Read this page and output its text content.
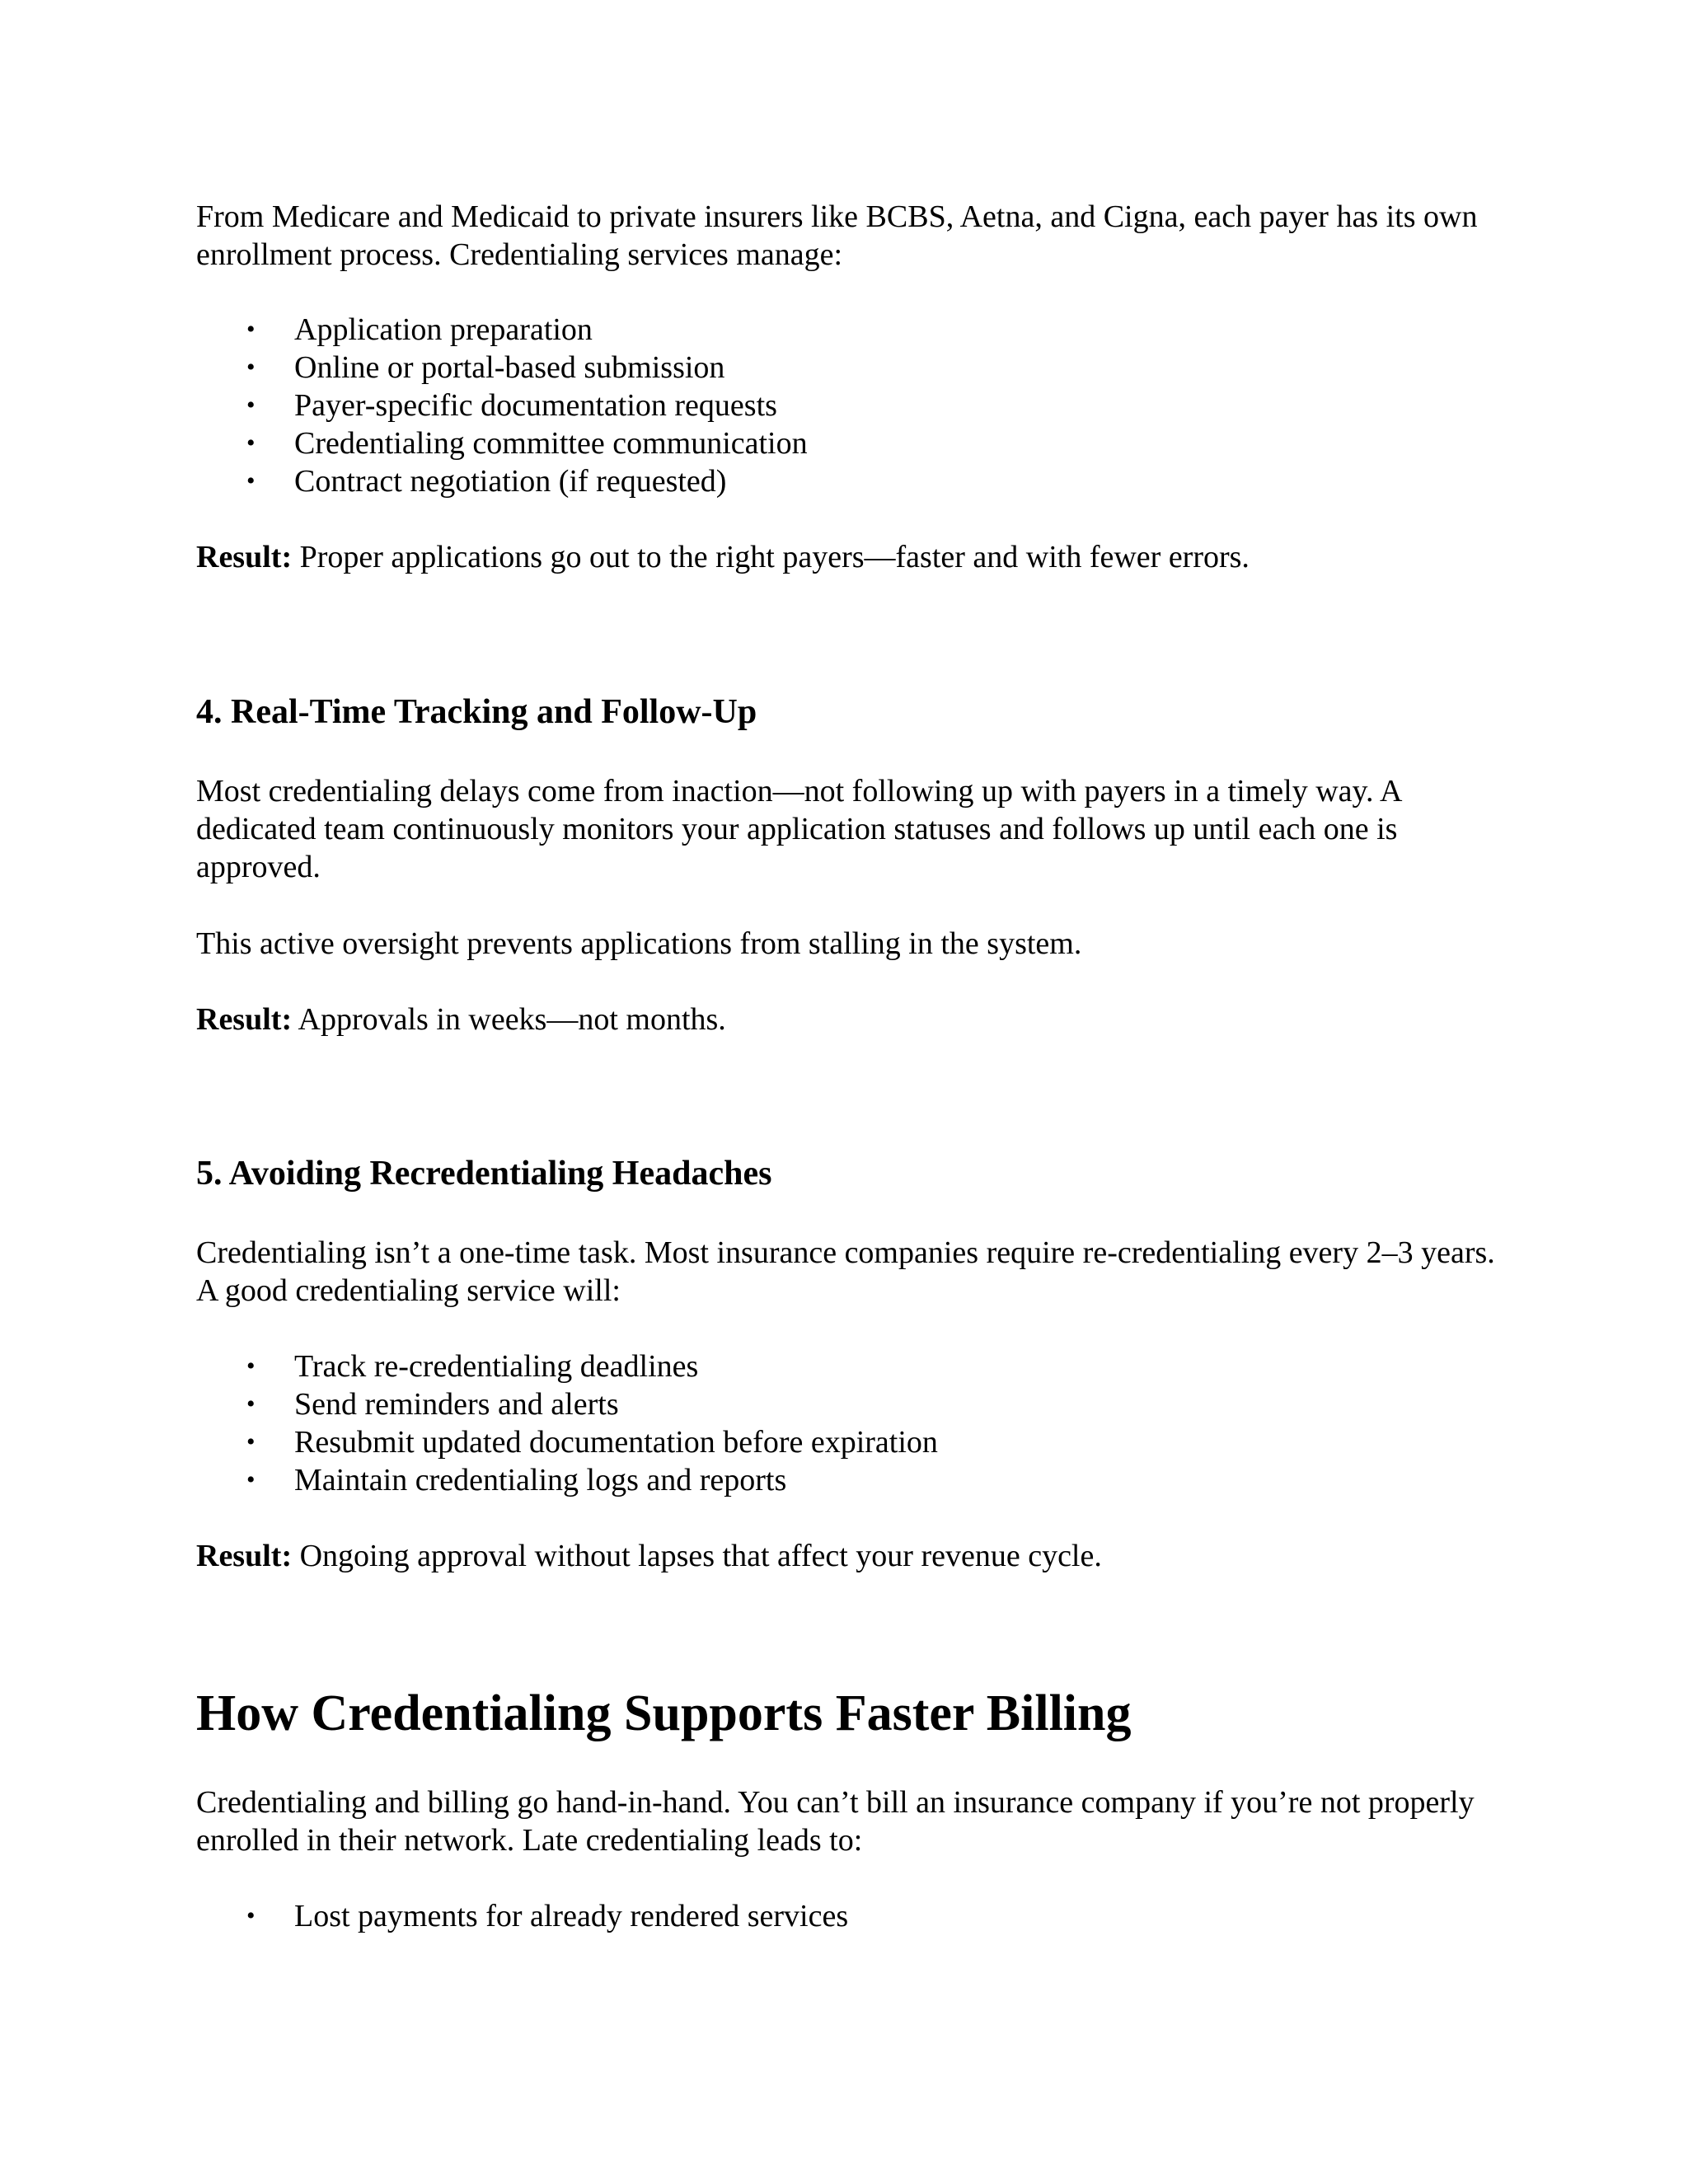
From Medicare and Medicaid to private insurers like BCBS, Aetna, and Cigna, each payer has its own enrollment process. Credentialing services manage:

• Application preparation
• Online or portal-based submission
• Payer-specific documentation requests
• Credentialing committee communication
• Contract negotiation (if requested)

Result: Proper applications go out to the right payers—faster and with fewer errors.

4. Real-Time Tracking and Follow-Up

Most credentialing delays come from inaction—not following up with payers in a timely way. A dedicated team continuously monitors your application statuses and follows up until each one is approved.

This active oversight prevents applications from stalling in the system.

Result: Approvals in weeks—not months.

5. Avoiding Recredentialing Headaches

Credentialing isn’t a one-time task. Most insurance companies require re-credentialing every 2–3 years. A good credentialing service will:

• Track re-credentialing deadlines
• Send reminders and alerts
• Resubmit updated documentation before expiration
• Maintain credentialing logs and reports

Result: Ongoing approval without lapses that affect your revenue cycle.

How Credentialing Supports Faster Billing

Credentialing and billing go hand-in-hand. You can’t bill an insurance company if you’re not properly enrolled in their network. Late credentialing leads to:

• Lost payments for already rendered services
